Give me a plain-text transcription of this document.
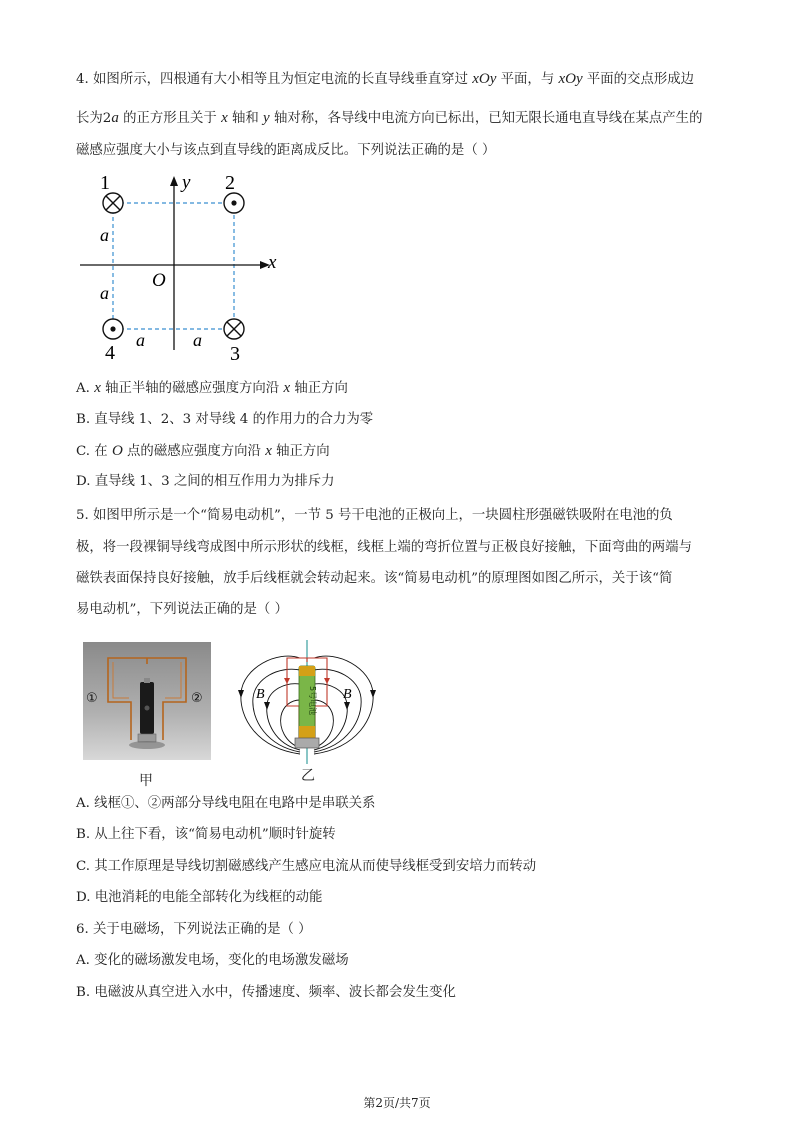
4. 如图所示，四根通有大小相等且为恒定电流的长直导线垂直穿过 xOy 平面，与 xOy 平面的交点形成边
长为2a 的正方形且关于 x 轴和 y 轴对称，各导线中电流方向已标出，已知无限长通电直导线在某点产生的
磁感应强度大小与该点到直导线的距离成反比。下列说法正确的是（ ）
x
y
O
a
a
a	a
1	2
3
4
A. x 轴正半轴的磁感应强度方向沿 x 轴正方向
B. 直导线 1、2、3 对导线 4 的作用力的合力为零
C. 在 O 点的磁感应强度方向沿 x 轴正方向
D. 直导线 1、3 之间的相互作用力为排斥力
5. 如图甲所示是一个“简易电动机”，一节 5 号干电池的正极向上，一块圆柱形强磁铁吸附在电池的负
极，将一段裸铜导线弯成图中所示形状的线框，线框上端的弯折位置与正极良好接触，下面弯曲的两端与
磁铁表面保持良好接触，放手后线框就会转动起来。该“简易电动机”的原理图如图乙所示，关于该“简
易电动机”，下列说法正确的是（ ）
①	②
甲
5号电池
B	B
乙
A. 线框①、②两部分导线电阻在电路中是串联关系
B. 从上往下看，该“简易电动机”顺时针旋转
C. 其工作原理是导线切割磁感线产生感应电流从而使导线框受到安培力而转动
D. 电池消耗的电能全部转化为线框的动能
6. 关于电磁场，下列说法正确的是（ ）
A. 变化的磁场激发电场，变化的电场激发磁场
B. 电磁波从真空进入水中，传播速度、频率、波长都会发生变化
第2页/共7页
